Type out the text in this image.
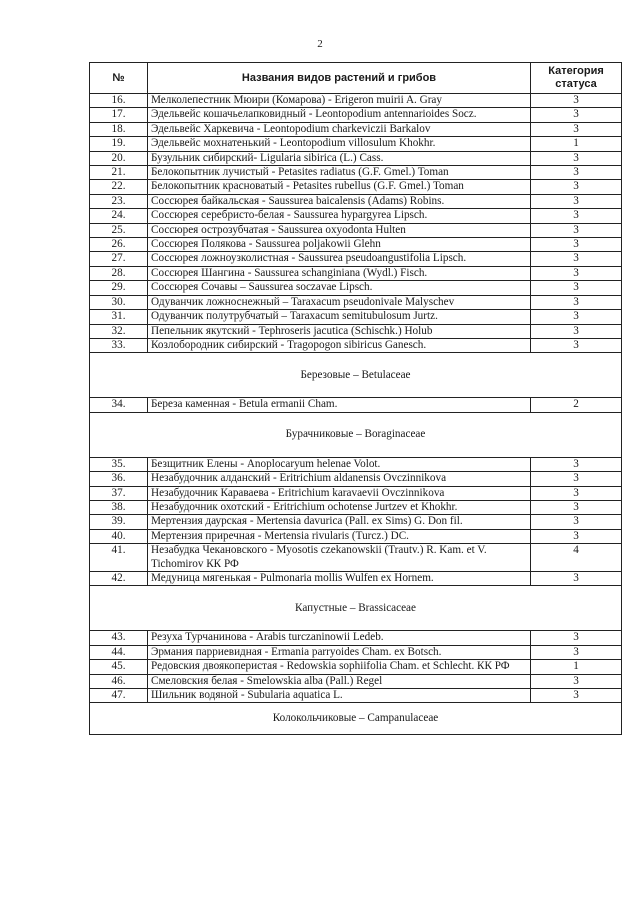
2
№	Названия видов растений и грибов	Категория статуса
16.	Мелколепестник Мюири (Комарова) - Erigeron muirii A. Gray	3
17.	Эдельвейс кошачьелапковидный - Leontopodium antennarioides Socz.	3
18.	Эдельвейс Харкевича - Leontopodium charkeviczii Barkalov	3
19.	Эдельвейс мохнатенький - Leontopodium villosulum Khokhr.	1
20.	Бузульник сибирский- Ligularia sibirica (L.) Cass.	3
21.	Белокопытник лучистый - Petasites radiatus (G.F. Gmel.) Toman	3
22.	Белокопытник красноватый - Petasites rubellus (G.F. Gmel.) Toman	3
23.	Соссюрея байкальская - Saussurea baicalensis (Adams) Robins.	3
24.	Соссюрея серебристо-белая - Saussurea hypargyrea Lipsch.	3
25.	Соссюрея острозубчатая - Saussurea oxyodonta Hulten	3
26.	Соссюрея Полякова - Saussurea poljakowii Glehn	3
27.	Соссюрея ложноузколистная - Saussurea pseudoangustifolia Lipsch.	3
28.	Соссюрея Шангина - Saussurea schanginiana (Wydl.) Fisch.	3
29.	Соссюрея Сочавы – Saussurea soczavae Lipsch.	3
30.	Одуванчик ложноснежный – Taraxacum pseudonivale Malyschev	3
31.	Одуванчик полутрубчатый – Taraxacum semitubulosum Jurtz.	3
32.	Пепельник якутский - Tephroseris jacutica (Schischk.) Holub	3
33.	Козлобородник сибирский - Tragopogon sibiricus Ganesch.	3
Березовые – Betulaceae		
34.	Береза каменная - Betula ermanii Cham.	2
Бурачниковые – Boraginaceae		
35.	Безщитник Елены - Anoplocaryum helenae Volot.	3
36.	Незабудочник алданский - Eritrichium aldanensis Ovczinnikova	3
37.	Незабудочник Караваева - Eritrichium karavaevii Ovczinnikova	3
38.	Незабудочник охотский - Eritrichium ochotense Jurtzev et Khokhr.	3
39.	Мертензия даурская - Mertensia davurica (Pall. ex Sims) G. Don fil.	3
40.	Мертензия приречная - Mertensia rivularis (Turcz.) DC.	3
41.	Незабудка Чекановского - Myosotis czekanowskii (Trautv.) R. Kam. et V. Tichomirov КК РФ	4
42.	Медуница мягенькая - Pulmonaria mollis Wulfen ex Hornem.	3
Капустные – Brassicaceae		
43.	Резуха Турчанинова - Arabis turczaninowii Ledeb.	3
44.	Эрмания парриевидная - Ermania parryoides Cham. ex Botsch.	3
45.	Редовския двоякоперистая - Redowskia sophiifolia Cham. et Schlecht. КК РФ	1
46.	Смеловския белая - Smelowskia alba (Pall.) Regel	3
47.	Шильник водяной - Subularia aquatica L.	3
Колокольчиковые – Campanulaceae		
